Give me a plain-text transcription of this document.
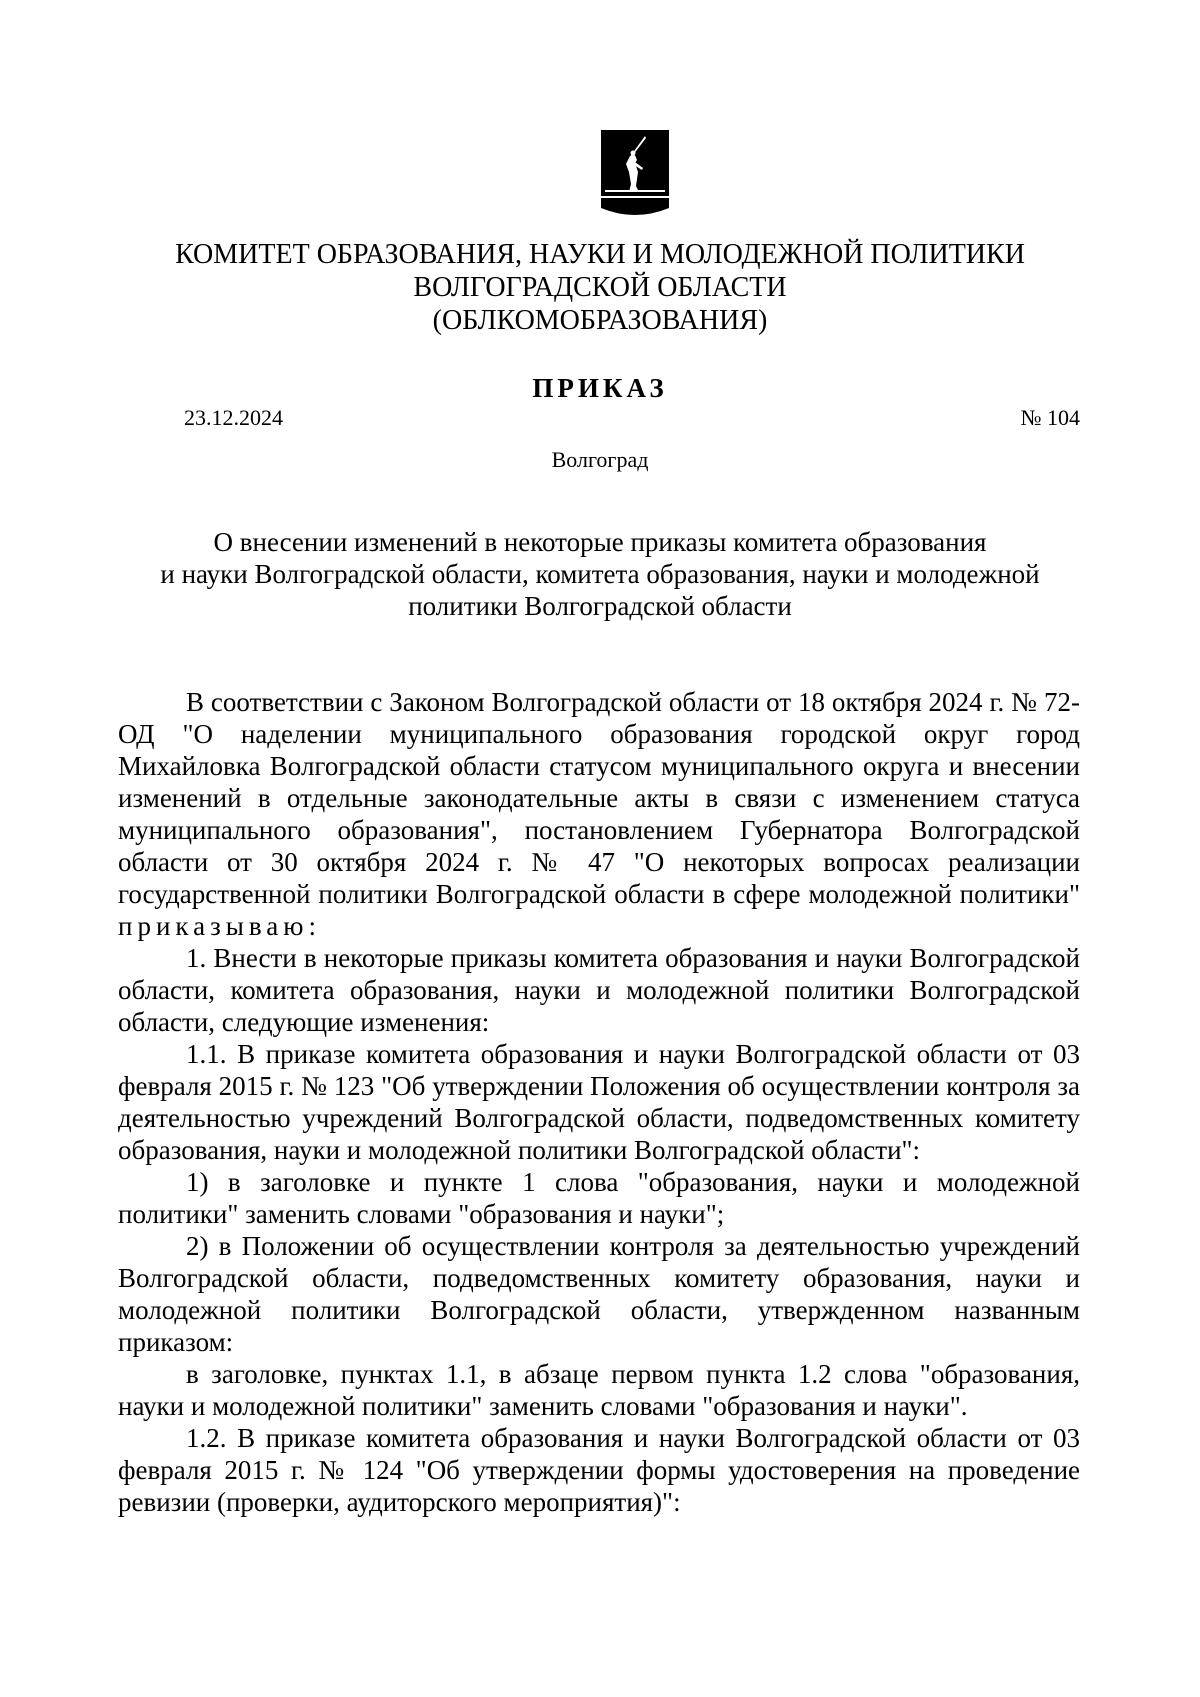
КОМИТЕТ ОБРАЗОВАНИЯ, НАУКИ И МОЛОДЕЖНОЙ ПОЛИТИКИ
ВОЛГОГРАДСКОЙ ОБЛАСТИ
(ОБЛКОМОБРАЗОВАНИЯ)
ПРИКАЗ
23.12.2024	№ 104
Волгоград
О внесении изменений в некоторые приказы комитета образования
и науки Волгоградской области, комитета образования, науки и молодежной
политики Волгоградской области

В соответствии с Законом Волгоградской области от 18 октября 2024 г. № 72-ОД "О наделении муниципального образования городской округ город Михайловка Волгоградской области статусом муниципального округа и внесении изменений в отдельные законодательные акты в связи с изменением статуса муниципального образования", постановлением Губернатора Волгоградской области от 30 октября 2024 г. № 47 "О некоторых вопросах реализации государственной политики Волгоградской области в сфере молодежной политики" приказываю:

1. Внести в некоторые приказы комитета образования и науки Волгоградской области, комитета образования, науки и молодежной политики Волгоградской области, следующие изменения:

1.1. В приказе комитета образования и науки Волгоградской области от 03 февраля 2015 г. № 123 "Об утверждении Положения об осуществлении контроля за деятельностью учреждений Волгоградской области, подведомственных комитету образования, науки и молодежной политики Волгоградской области":

1) в заголовке и пункте 1 слова "образования, науки и молодежной политики" заменить словами "образования и науки";

2) в Положении об осуществлении контроля за деятельностью учреждений Волгоградской области, подведомственных комитету образования, науки и молодежной политики Волгоградской области, утвержденном названным приказом:

в заголовке, пунктах 1.1, в абзаце первом пункта 1.2 слова "образования, науки и молодежной политики" заменить словами "образования и науки".

1.2. В приказе комитета образования и науки Волгоградской области от 03 февраля 2015 г. № 124 "Об утверждении формы удостоверения на проведение ревизии (проверки, аудиторского мероприятия)":
